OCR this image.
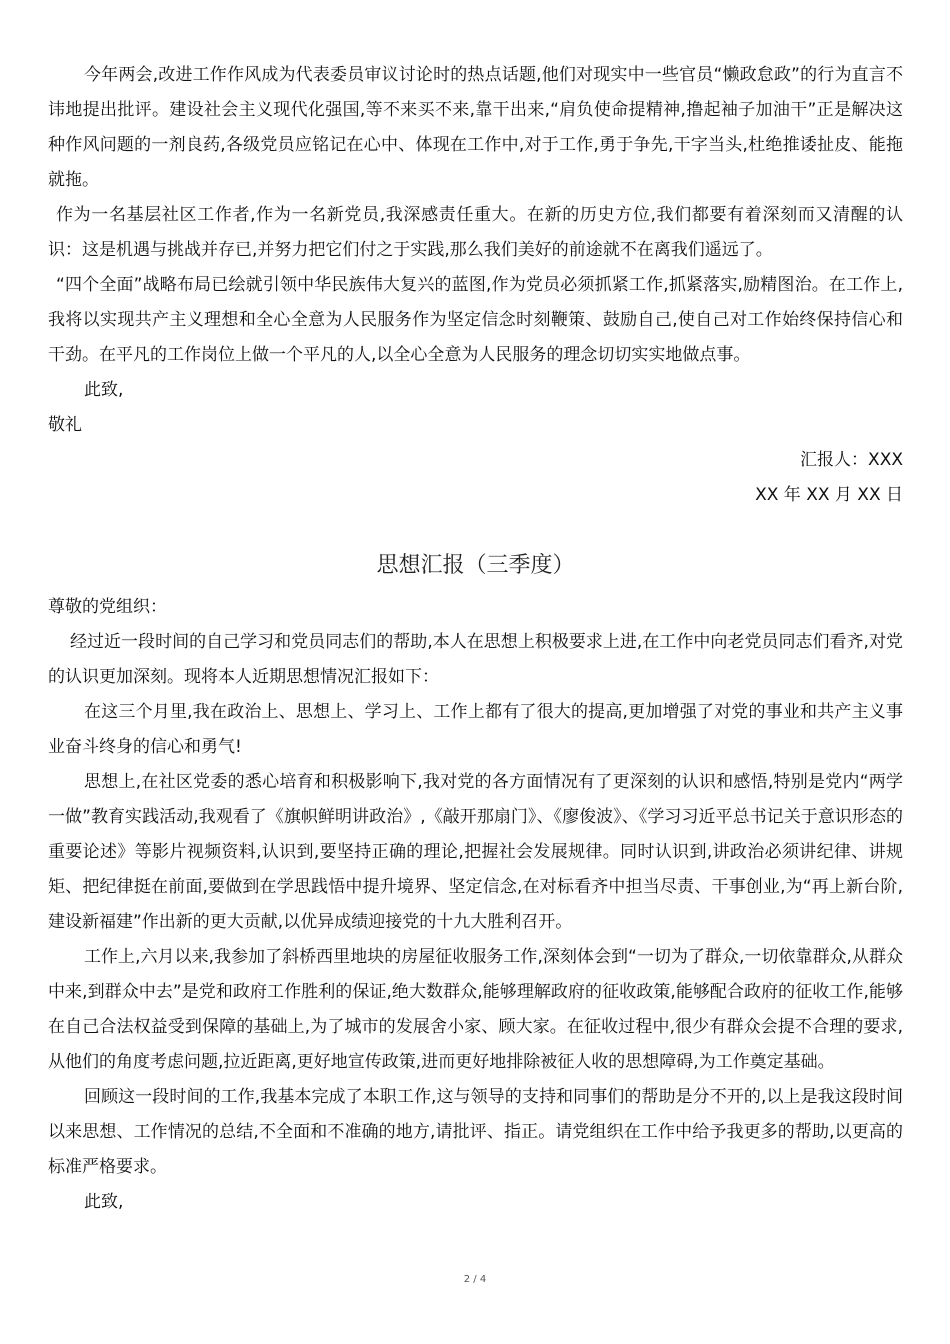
今年两会,改进工作作风成为代表委员审议讨论时的热点话题,他们对现实中一些官员“懒政怠政”的行为直言不讳地提出批评。建设社会主义现代化强国,等不来买不来,靠干出来,“肩负使命提精神,撸起袖子加油干”正是解决这种作风问题的一剂良药,各级党员应铭记在心中、体现在工作中,对于工作,勇于争先,干字当头,杜绝推诿扯皮、能拖就拖。

作为一名基层社区工作者,作为一名新党员,我深感责任重大。在新的历史方位,我们都要有着深刻而又清醒的认识：这是机遇与挑战并存已,并努力把它们付之于实践,那么我们美好的前途就不在离我们遥远了。

“四个全面”战略布局已绘就引领中华民族伟大复兴的蓝图,作为党员必须抓紧工作,抓紧落实,励精图治。在工作上,我将以实现共产主义理想和全心全意为人民服务作为坚定信念时刻鞭策、鼓励自己,使自己对工作始终保持信心和干劲。在平凡的工作岗位上做一个平凡的人,以全心全意为人民服务的理念切切实实地做点事。

此致,

敬礼

汇报人：XXX

XX 年 XX 月 XX 日

思想汇报（三季度）

尊敬的党组织：

经过近一段时间的自己学习和党员同志们的帮助,本人在思想上积极要求上进,在工作中向老党员同志们看齐,对党的认识更加深刻。现将本人近期思想情况汇报如下：

在这三个月里,我在政治上、思想上、学习上、工作上都有了很大的提高,更加增强了对党的事业和共产主义事业奋斗终身的信心和勇气!

思想上,在社区党委的悉心培育和积极影响下,我对党的各方面情况有了更深刻的认识和感悟,特别是党内“两学一做”教育实践活动,我观看了《旗帜鲜明讲政治》,《敲开那扇门》、《廖俊波》、《学习习近平总书记关于意识形态的重要论述》等影片视频资料,认识到,要坚持正确的理论,把握社会发展规律。同时认识到,讲政治必须讲纪律、讲规矩、把纪律挺在前面,要做到在学思践悟中提升境界、坚定信念,在对标看齐中担当尽责、干事创业,为“再上新台阶,建设新福建”作出新的更大贡献,以优异成绩迎接党的十九大胜利召开。

工作上,六月以来,我参加了斜桥西里地块的房屋征收服务工作,深刻体会到“一切为了群众,一切依靠群众,从群众中来,到群众中去”是党和政府工作胜利的保证,绝大数群众,能够理解政府的征收政策,能够配合政府的征收工作,能够在自己合法权益受到保障的基础上,为了城市的发展舍小家、顾大家。在征收过程中,很少有群众会提不合理的要求,从他们的角度考虑问题,拉近距离,更好地宣传政策,进而更好地排除被征人收的思想障碍,为工作奠定基础。

回顾这一段时间的工作,我基本完成了本职工作,这与领导的支持和同事们的帮助是分不开的,以上是我这段时间以来思想、工作情况的总结,不全面和不准确的地方,请批评、指正。请党组织在工作中给予我更多的帮助,以更高的标准严格要求。

此致,

2 / 4
